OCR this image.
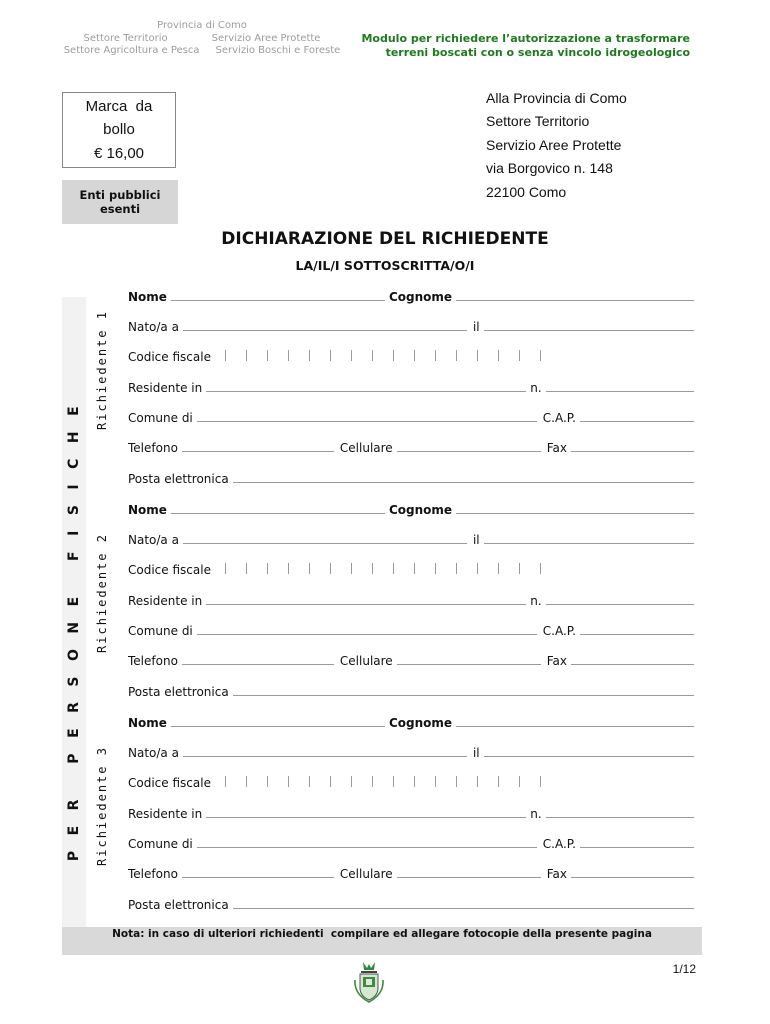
Provincia di Como
Settore Territorio	Servizio Aree Protette
Settore Agricoltura e Pesca Servizio Boschi e Foreste
Modulo per richiedere l’autorizzazione a trasformare
terreni boscati con o senza vincolo idrogeologico
Marca  da
bollo
€ 16,00
Enti pubblici
esenti
Alla Provincia di Como
Settore Territorio
Servizio Aree Protette
via Borgovico n. 148
22100 Como
DICHIARAZIONE DEL RICHIEDENTE
LA/IL/I SOTTOSCRITTA/O/I
PER PERSONE FISICHE
Richiedente 1
Richiedente 2
Richiedente 3
Nome	Cognome
Nato/a a	il
Codice fiscale
Residente in	n.
Comune di	C.A.P.
Telefono	Cellulare	Fax
Posta elettronica
Nome	Cognome
Nato/a a	il
Codice fiscale
Residente in	n.
Comune di	C.A.P.
Telefono	Cellulare	Fax
Posta elettronica
Nome	Cognome
Nato/a a	il
Codice fiscale
Residente in	n.
Comune di	C.A.P.
Telefono	Cellulare	Fax
Posta elettronica
Nota: in caso di ulteriori richiedenti  compilare ed allegare fotocopie della presente pagina
1/12
